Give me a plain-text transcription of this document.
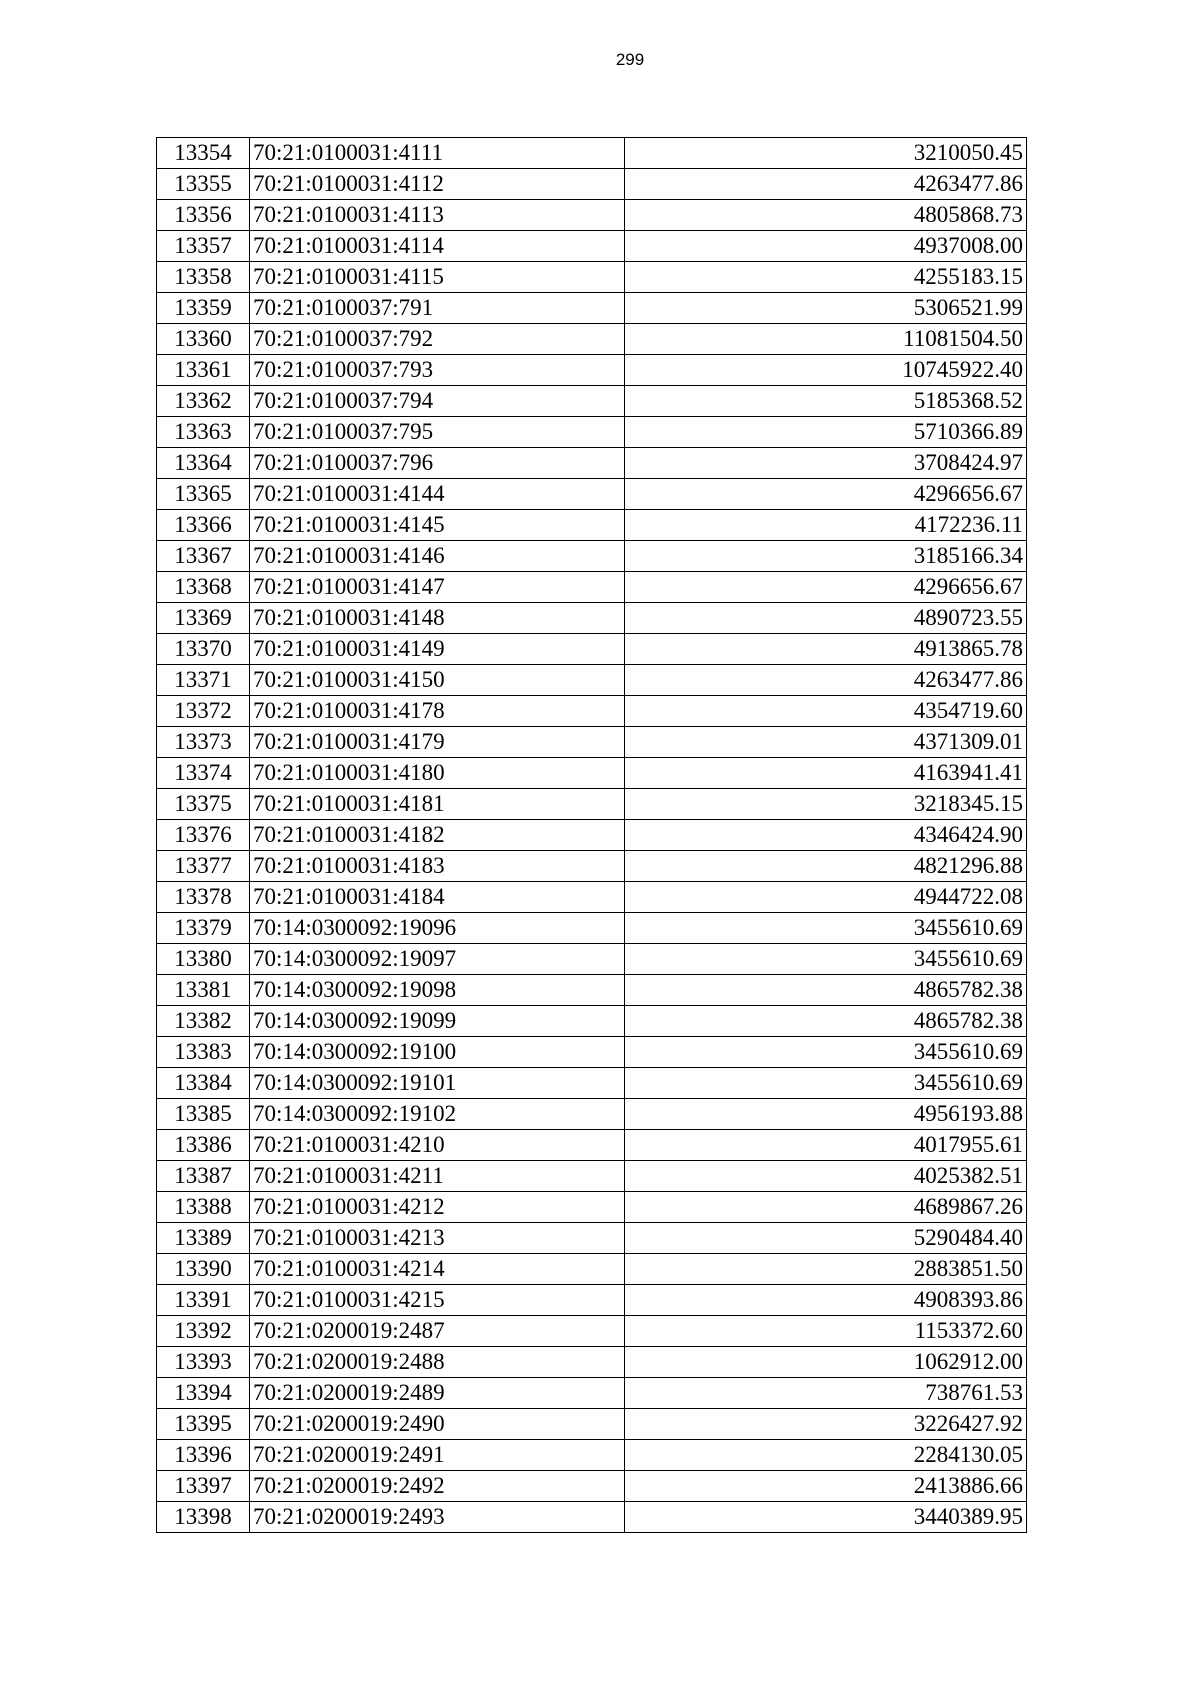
299
13354	70:21:0100031:4111	3210050.45
13355	70:21:0100031:4112	4263477.86
13356	70:21:0100031:4113	4805868.73
13357	70:21:0100031:4114	4937008.00
13358	70:21:0100031:4115	4255183.15
13359	70:21:0100037:791	5306521.99
13360	70:21:0100037:792	11081504.50
13361	70:21:0100037:793	10745922.40
13362	70:21:0100037:794	5185368.52
13363	70:21:0100037:795	5710366.89
13364	70:21:0100037:796	3708424.97
13365	70:21:0100031:4144	4296656.67
13366	70:21:0100031:4145	4172236.11
13367	70:21:0100031:4146	3185166.34
13368	70:21:0100031:4147	4296656.67
13369	70:21:0100031:4148	4890723.55
13370	70:21:0100031:4149	4913865.78
13371	70:21:0100031:4150	4263477.86
13372	70:21:0100031:4178	4354719.60
13373	70:21:0100031:4179	4371309.01
13374	70:21:0100031:4180	4163941.41
13375	70:21:0100031:4181	3218345.15
13376	70:21:0100031:4182	4346424.90
13377	70:21:0100031:4183	4821296.88
13378	70:21:0100031:4184	4944722.08
13379	70:14:0300092:19096	3455610.69
13380	70:14:0300092:19097	3455610.69
13381	70:14:0300092:19098	4865782.38
13382	70:14:0300092:19099	4865782.38
13383	70:14:0300092:19100	3455610.69
13384	70:14:0300092:19101	3455610.69
13385	70:14:0300092:19102	4956193.88
13386	70:21:0100031:4210	4017955.61
13387	70:21:0100031:4211	4025382.51
13388	70:21:0100031:4212	4689867.26
13389	70:21:0100031:4213	5290484.40
13390	70:21:0100031:4214	2883851.50
13391	70:21:0100031:4215	4908393.86
13392	70:21:0200019:2487	1153372.60
13393	70:21:0200019:2488	1062912.00
13394	70:21:0200019:2489	738761.53
13395	70:21:0200019:2490	3226427.92
13396	70:21:0200019:2491	2284130.05
13397	70:21:0200019:2492	2413886.66
13398	70:21:0200019:2493	3440389.95
